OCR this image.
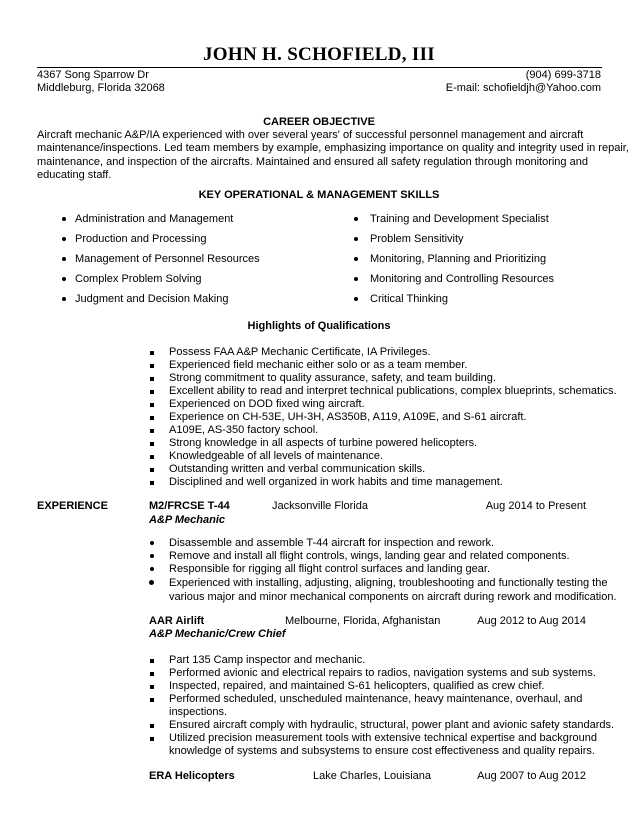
JOHN H. SCHOFIELD, III
4367 Song Sparrow Dr
Middleburg, Florida 32068
(904) 699-3718
E-mail: schofieldjh@Yahoo.com
CAREER OBJECTIVE
Aircraft mechanic A&P/IA experienced with over several years' of successful personnel management and aircraft
maintenance/inspections. Led team members by example, emphasizing importance on quality and integrity used in repair,
maintenance, and inspection of the aircrafts. Maintained and ensured all safety regulation through monitoring and
educating staff.
KEY OPERATIONAL & MANAGEMENT SKILLS
Administration and Management
Production and Processing
Management of Personnel Resources
Complex Problem Solving
Judgment and Decision Making
Training and Development Specialist
Problem Sensitivity
Monitoring, Planning and Prioritizing
Monitoring and Controlling Resources
Critical Thinking
Highlights of Qualifications
Possess FAA A&P Mechanic Certificate, IA Privileges.
Experienced field mechanic either solo or as a team member.
Strong commitment to quality assurance, safety, and team building.
Excellent ability to read and interpret technical publications, complex blueprints, schematics.
Experienced on DOD fixed wing aircraft.
Experience on CH-53E, UH-3H, AS350B, A119, A109E, and S-61 aircraft.
A109E, AS-350 factory school.
Strong knowledge in all aspects of turbine powered helicopters.
Knowledgeable of all levels of maintenance.
Outstanding written and verbal communication skills.
Disciplined and well organized in work habits and time management.
EXPERIENCE	M2/FRCSE T-44	Jacksonville Florida	Aug 2014 to Present
A&P Mechanic
Disassemble and assemble T-44 aircraft for inspection and rework.
Remove and install all flight controls, wings, landing gear and related components.
Responsible for rigging all flight control surfaces and landing gear.
Experienced with installing, adjusting, aligning, troubleshooting and functionally testing the
various major and minor mechanical components on aircraft during rework and modification.
AAR Airlift	Melbourne, Florida, Afghanistan	Aug 2012 to Aug 2014
A&P Mechanic/Crew Chief
Part 135 Camp inspector and mechanic.
Performed avionic and electrical repairs to radios, navigation systems and sub systems.
Inspected, repaired, and maintained S-61 helicopters, qualified as crew chief.
Performed scheduled, unscheduled maintenance, heavy maintenance, overhaul, and
inspections.
Ensured aircraft comply with hydraulic, structural, power plant and avionic safety standards.
Utilized precision measurement tools with extensive technical expertise and background
knowledge of systems and subsystems to ensure cost effectiveness and quality repairs.
ERA Helicopters	Lake Charles, Louisiana	Aug 2007 to Aug 2012
